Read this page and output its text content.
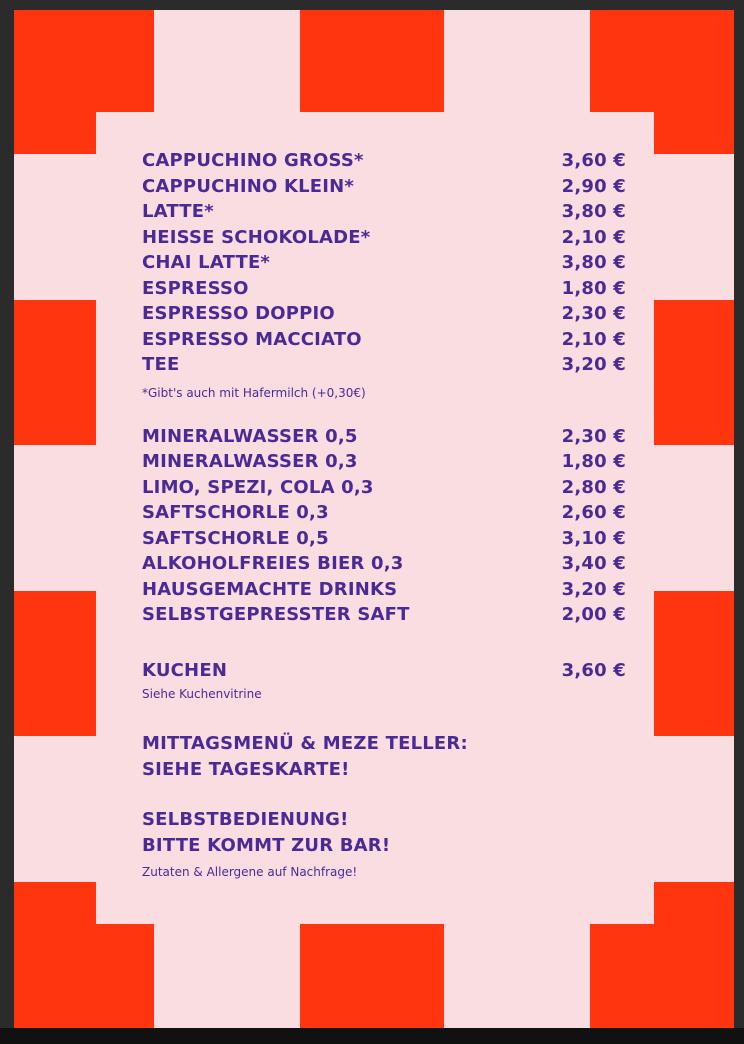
CAPPUCHINO GROSS*	3,60 €
CAPPUCHINO KLEIN*	2,90 €
LATTE*	3,80 €
HEISSE SCHOKOLADE*	2,10 €
CHAI LATTE*	3,80 €
ESPRESSO	1,80 €
ESPRESSO DOPPIO	2,30 €
ESPRESSO MACCIATO	2,10 €
TEE	3,20 €
*Gibt's auch mit Hafermilch (+0,30€)
MINERALWASSER 0,5	2,30 €
MINERALWASSER 0,3	1,80 €
LIMO, SPEZI, COLA 0,3	2,80 €
SAFTSCHORLE 0,3	2,60 €
SAFTSCHORLE 0,5	3,10 €
ALKOHOLFREIES BIER 0,3	3,40 €
HAUSGEMACHTE DRINKS	3,20 €
SELBSTGEPRESSTER SAFT	2,00 €
KUCHEN	3,60 €
Siehe Kuchenvitrine
MITTAGSMENÜ & MEZE TELLER:
SIEHE TAGESKARTE!
SELBSTBEDIENUNG!
BITTE KOMMT ZUR BAR!
Zutaten & Allergene auf Nachfrage!
